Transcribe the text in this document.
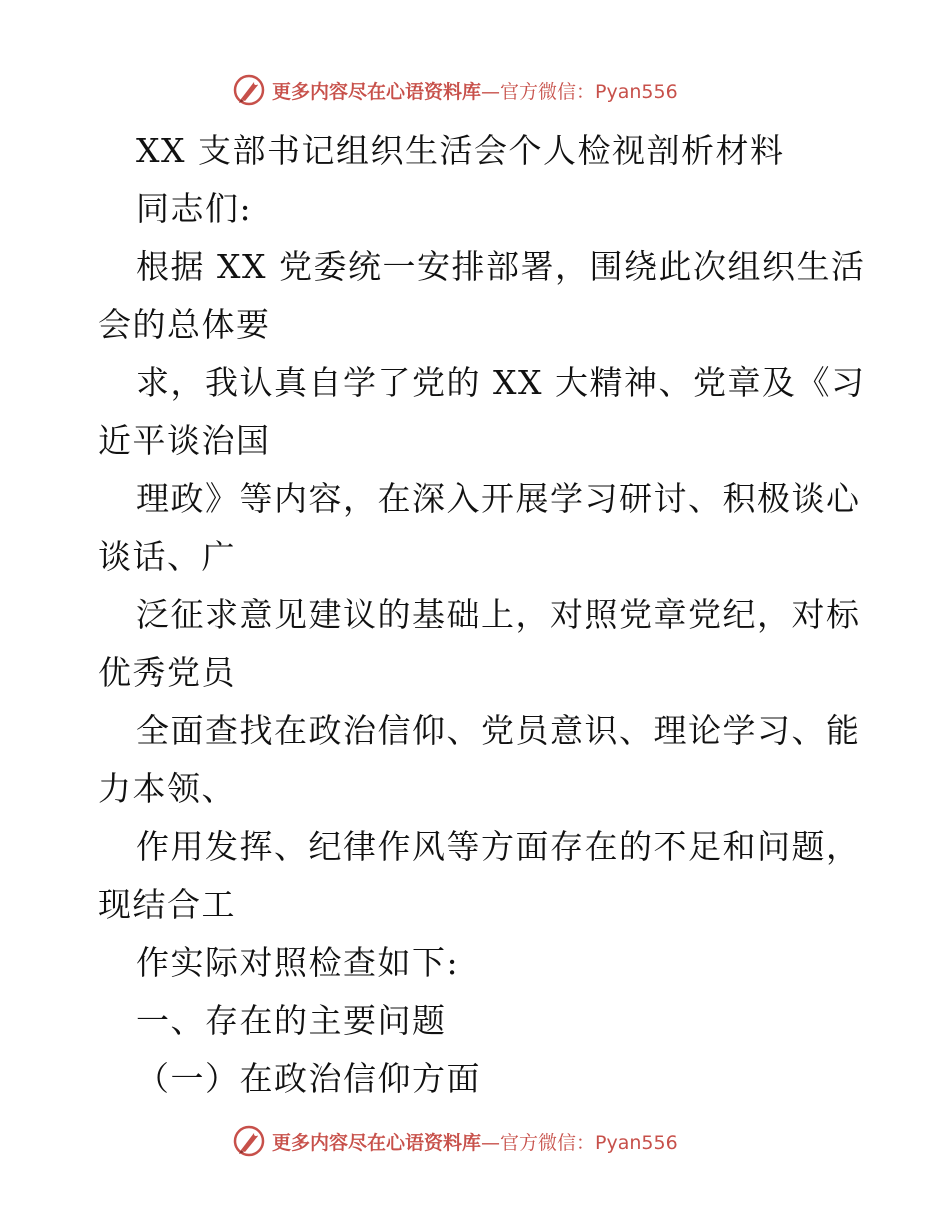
更多内容尽在心语资料库 —官方微信：Pyan556
XX 支部书记组织生活会个人检视剖析材料
同志们:
根据 XX 党委统一安排部署，围绕此次组织生活
会的总体要
求，我认真自学了党的 XX 大精神、党章及《习
近平谈治国
理政》等内容，在深入开展学习研讨、积极谈心
谈话、广
泛征求意见建议的基础上，对照党章党纪，对标
优秀党员
全面查找在政治信仰、党员意识、理论学习、能
力本领、
作用发挥、纪律作风等方面存在的不足和问题，
现结合工
作实际对照检查如下:
一、存在的主要问题
（一）在政治信仰方面
更多内容尽在心语资料库 —官方微信：Pyan556
